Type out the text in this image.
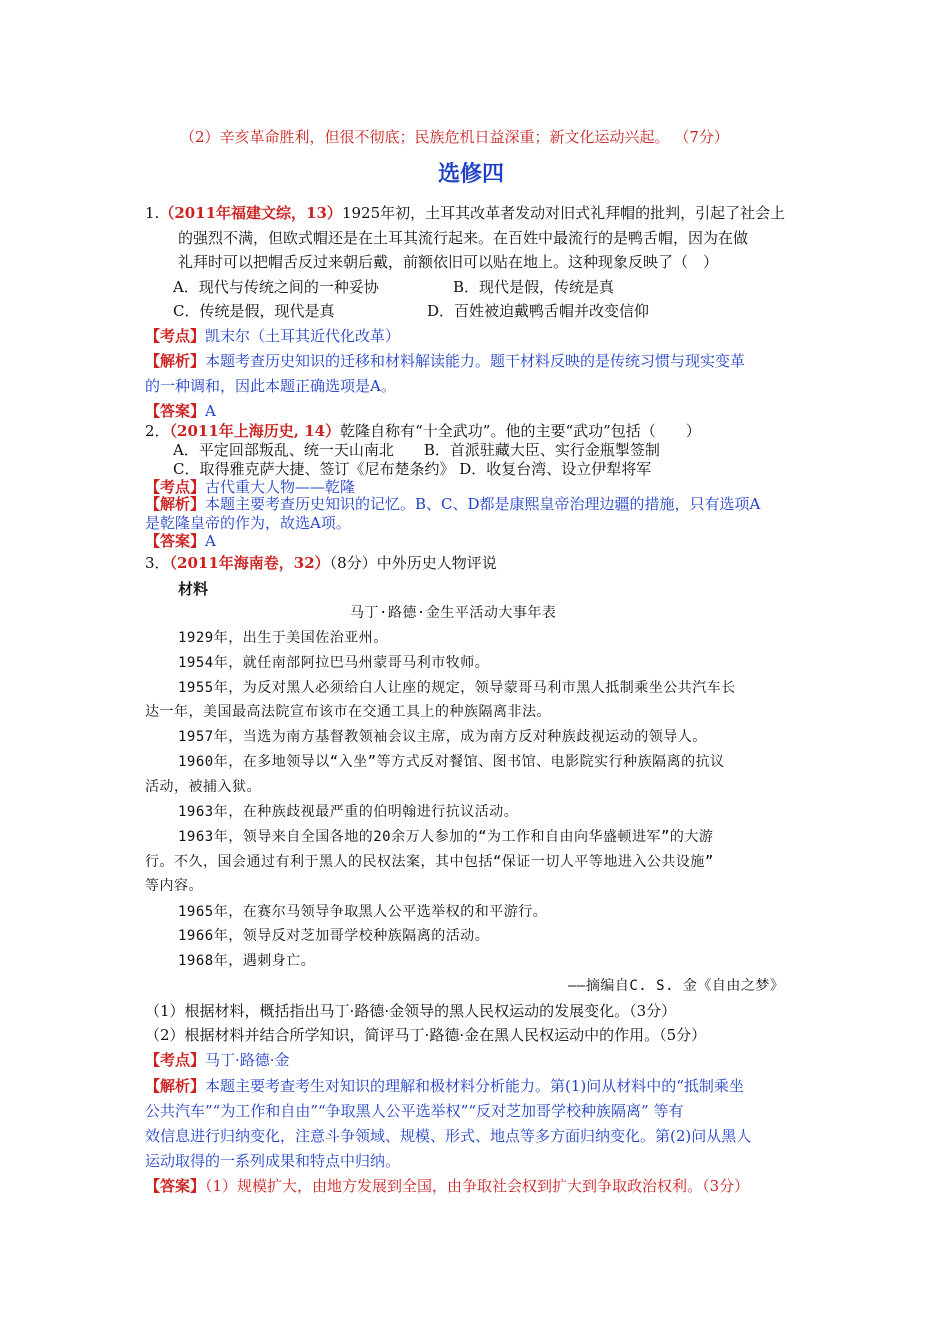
（2）辛亥革命胜利，但很不彻底；民族危机日益深重；新文化运动兴起。 （7分）
选修四
1.（2011年福建文综，13）1925年初，土耳其改革者发动对旧式礼拜帽的批判，引起了社会上
的强烈不满，但欧式帽还是在土耳其流行起来。在百姓中最流行的是鸭舌帽，因为在做
礼拜时可以把帽舌反过来朝后戴，前额依旧可以贴在地上。这种现象反映了（　）
A．现代与传统之间的一种妥协	B．现代是假，传统是真
C．传统是假，现代是真	D．百姓被迫戴鸭舌帽并改变信仰
【考点】凯末尔（土耳其近代化改革）
【解析】本题考查历史知识的迁移和材料解读能力。题干材料反映的是传统习惯与现实变革
的一种调和，因此本题正确选项是A。
【答案】A
2．（2011年上海历史, 14）乾隆自称有“十全武功”。他的主要“武功”包括（　　）
A．平定回部叛乱、统一天山南北　　B．首派驻藏大臣、实行金瓶掣签制
C．取得雅克萨大捷、签订《尼布楚条约》 D．收复台湾、设立伊犁将军
【考点】古代重大人物——乾隆
【解析】本题主要考查历史知识的记忆。B、C、D都是康熙皇帝治理边疆的措施，只有选项A
是乾隆皇帝的作为，故选A项。
【答案】A
3．（2011年海南卷，32）（8分）中外历史人物评说
材料
马丁·路德·金生平活动大事年表
1929年，出生于美国佐治亚州。
1954年，就任南部阿拉巴马州蒙哥马利市牧师。
1955年，为反对黑人必须给白人让座的规定，领导蒙哥马利市黑人抵制乘坐公共汽车长
达一年，美国最高法院宣布该市在交通工具上的种族隔离非法。
1957年，当选为南方基督教领袖会议主席，成为南方反对种族歧视运动的领导人。
1960年，在多地领导以“入坐”等方式反对餐馆、图书馆、电影院实行种族隔离的抗议
活动，被捕入狱。
1963年，在种族歧视最严重的伯明翰进行抗议活动。
1963年，领导来自全国各地的20余万人参加的“为工作和自由向华盛顿进军”的大游
行。不久，国会通过有利于黑人的民权法案，其中包括“保证一切人平等地进入公共设施”
等内容。
1965年，在赛尔马领导争取黑人公平选举权的和平游行。
1966年，领导反对芝加哥学校种族隔离的活动。
1968年，遇刺身亡。
——摘编自C. S. 金《自由之梦》
（1）根据材料，概括指出马丁·路德·金领导的黑人民权运动的发展变化。（3分）
（2）根据材料并结合所学知识，简评马丁·路德·金在黑人民权运动中的作用。（5分）
【考点】马丁·路德·金
【解析】本题主要考查考生对知识的理解和极材料分析能力。第(1)问从材料中的“抵制乘坐
公共汽车”“为工作和自由”“争取黑人公平选举权”“反对芝加哥学校种族隔离” 等有
效信息进行归纳变化，注意斗争领域、规模、形式、地点等多方面归纳变化。第(2)问从黑人
运动取得的一系列成果和特点中归纳。
【答案】（1）规模扩大，由地方发展到全国，由争取社会权到扩大到争取政治权利。（3分）
